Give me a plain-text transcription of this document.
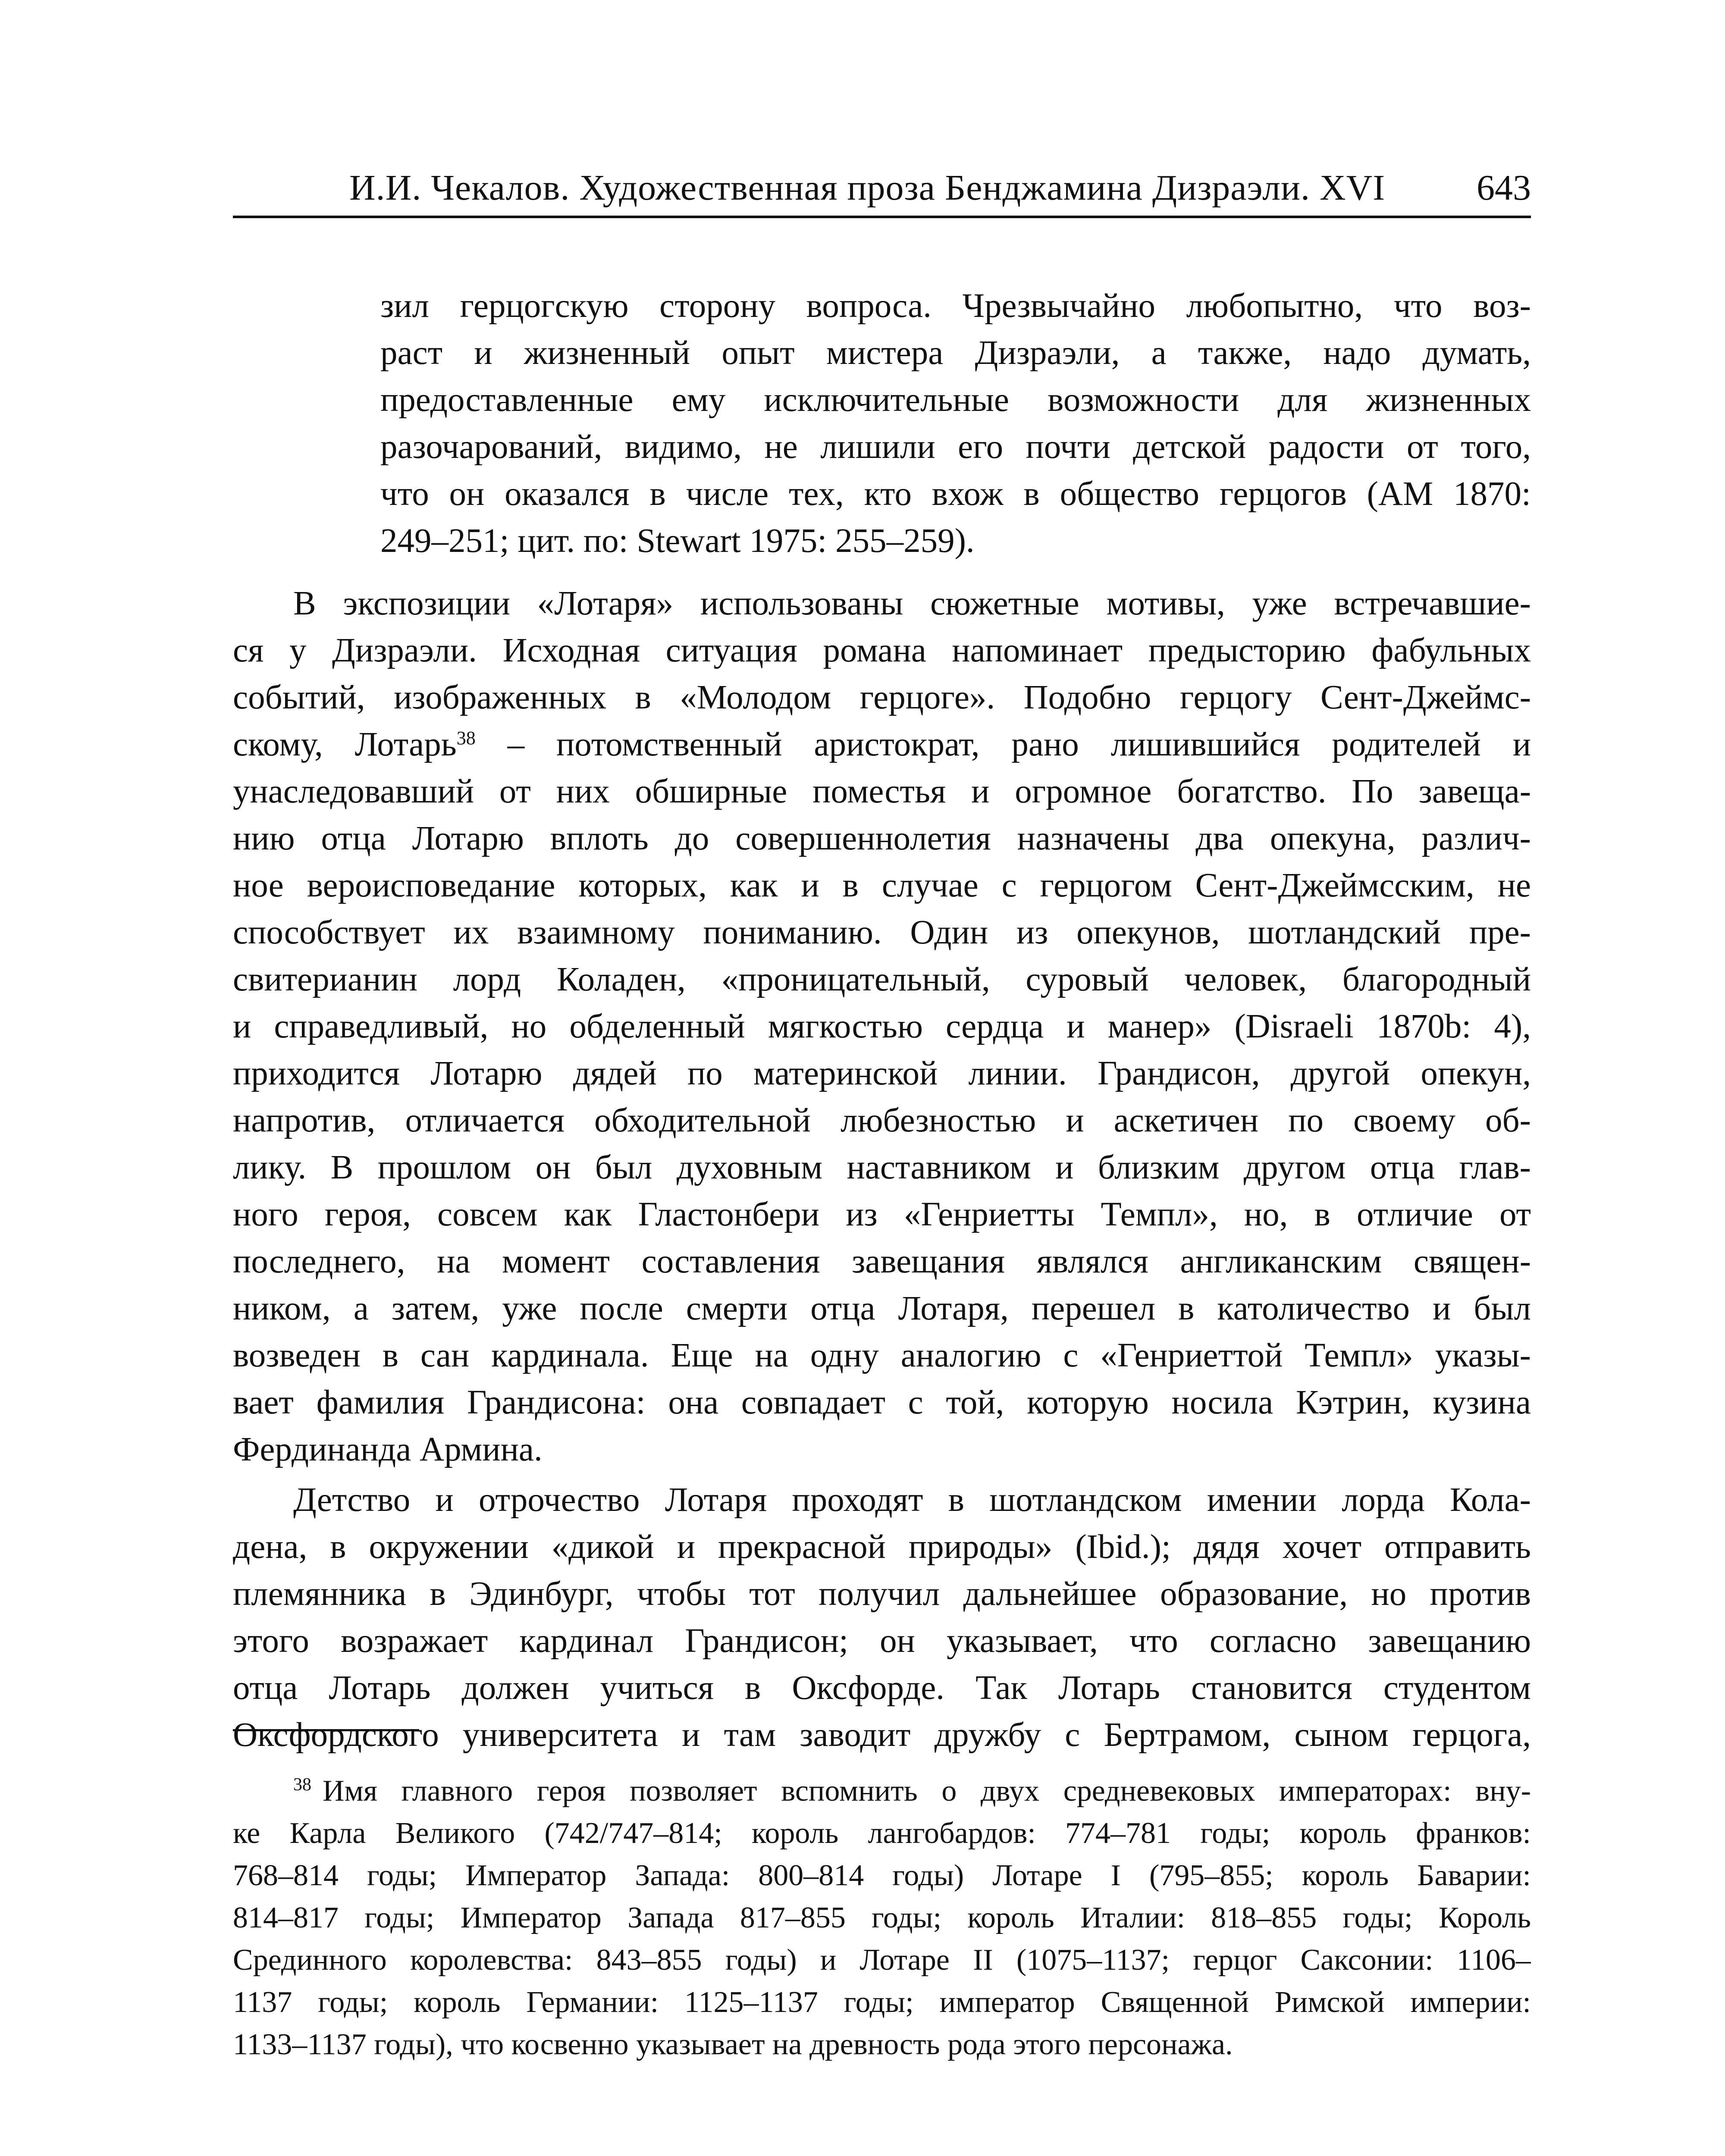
И.И. Чекалов. Художественная проза Бенджамина Дизраэли. XVI	643
зил герцогскую сторону вопроса. Чрезвычайно любопытно, что воз-
раст и жизненный опыт мистера Дизраэли, а также, надо думать,
предоставленные ему исключительные возможности для жизненных
разочарований, видимо, не лишили его почти детской радости от того,
что он оказался в числе тех, кто вхож в общество герцогов (AM 1870:
249–251; цит. по: Stewart 1975: 255–259).
В экспозиции «Лотаря» использованы сюжетные мотивы, уже встречавшие-
ся у Дизраэли. Исходная ситуация романа напоминает предысторию фабульных
событий, изображенных в «Молодом герцоге». Подобно герцогу Сент-Джеймс-
скому, Лотарь$^{38}$ – потомственный аристократ, рано лишившийся родителей и
унаследовавший от них обширные поместья и огромное богатство. По завеща-
нию отца Лотарю вплоть до совершеннолетия назначены два опекуна, различ-
ное вероисповедание которых, как и в случае с герцогом Сент-Джеймсским, не
способствует их взаимному пониманию. Один из опекунов, шотландский пре-
свитерианин лорд Коладен, «проницательный, суровый человек, благородный
и справедливый, но обделенный мягкостью сердца и манер» (Disraeli 1870b: 4),
приходится Лотарю дядей по материнской линии. Грандисон, другой опекун,
напротив, отличается обходительной любезностью и аскетичен по своему об-
лику. В прошлом он был духовным наставником и близким другом отца глав-
ного героя, совсем как Гластонбери из «Генриетты Темпл», но, в отличие от
последнего, на момент составления завещания являлся англиканским священ-
ником, а затем, уже после смерти отца Лотаря, перешел в католичество и был
возведен в сан кардинала. Еще на одну аналогию с «Генриеттой Темпл» указы-
вает фамилия Грандисона: она совпадает с той, которую носила Кэтрин, кузина
Фердинанда Армина.
Детство и отрочество Лотаря проходят в шотландском имении лорда Кола-
дена, в окружении «дикой и прекрасной природы» (Ibid.); дядя хочет отправить
племянника в Эдинбург, чтобы тот получил дальнейшее образование, но против
этого возражает кардинал Грандисон; он указывает, что согласно завещанию
отца Лотарь должен учиться в Оксфорде. Так Лотарь становится студентом
Оксфордского университета и там заводит дружбу с Бертрамом, сыном герцога,
$^{38}$ Имя главного героя позволяет вспомнить о двух средневековых императорах: вну-
ке Карла Великого (742/747–814; король лангобардов: 774–781 годы; король франков:
768–814 годы; Император Запада: 800–814 годы) Лотаре I (795–855; король Баварии:
814–817 годы; Император Запада 817–855 годы; король Италии: 818–855 годы; Король
Срединного королевства: 843–855 годы) и Лотаре II (1075–1137; герцог Саксонии: 1106–
1137 годы; король Германии: 1125–1137 годы; император Священной Римской империи:
1133–1137 годы), что косвенно указывает на древность рода этого персонажа.
